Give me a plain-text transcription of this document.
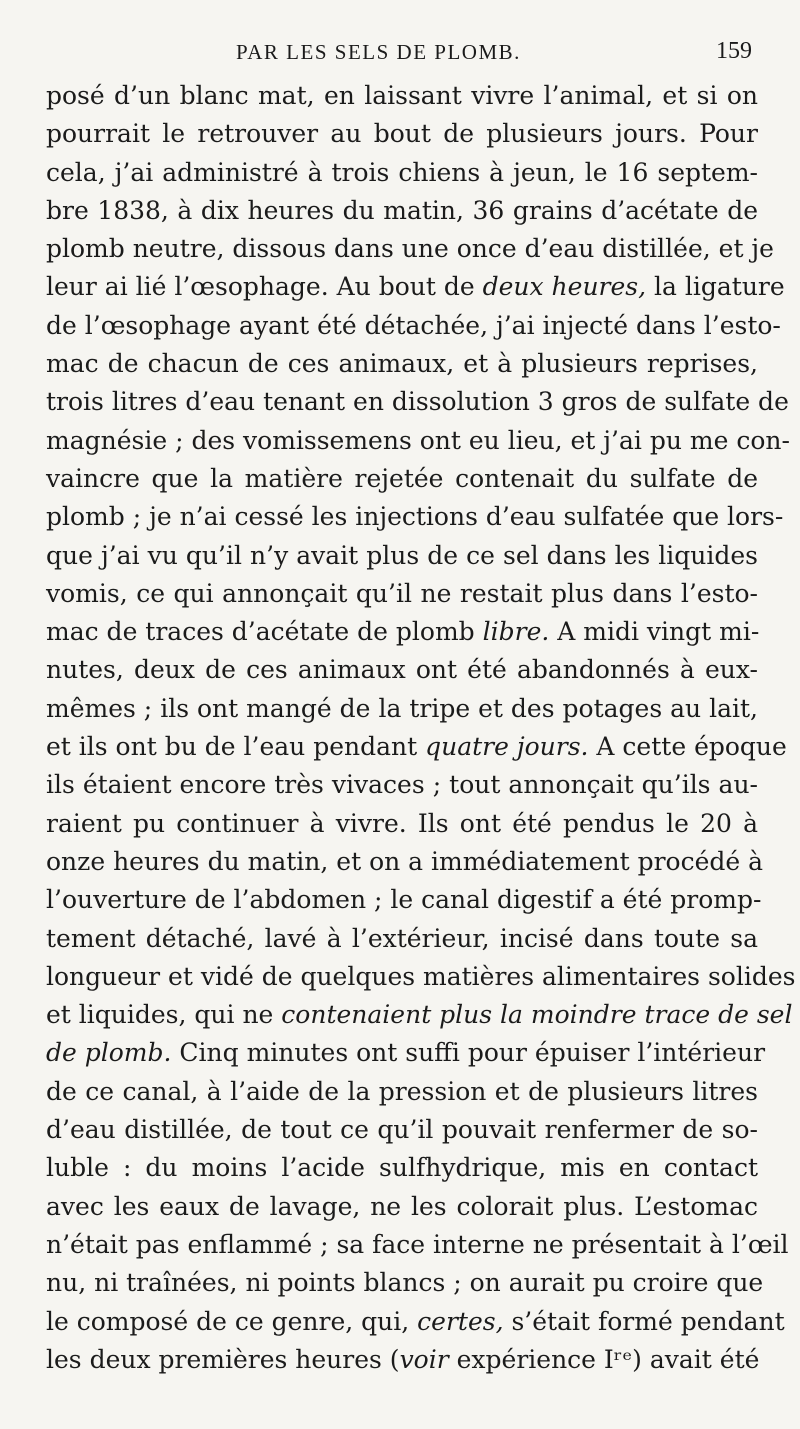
PAR LES SELS DE PLOMB.	159
posé d’un blanc mat, en laissant vivre l’animal, et si on
pourrait le retrouver au bout de plusieurs jours. Pour
cela, j’ai administré à trois chiens à jeun, le 16 septem-
bre 1838, à dix heures du matin, 36 grains d’acétate de
plomb neutre, dissous dans une once d’eau distillée, et je
leur ai lié l’œsophage. Au bout de deux heures, la ligature
de l’œsophage ayant été détachée, j’ai injecté dans l’esto-
mac de chacun de ces animaux, et à plusieurs reprises,
trois litres d’eau tenant en dissolution 3 gros de sulfate de
magnésie ; des vomissemens ont eu lieu, et j’ai pu me con-
vaincre que la matière rejetée contenait du sulfate de
plomb ; je n’ai cessé les injections d’eau sulfatée que lors-
que j’ai vu qu’il n’y avait plus de ce sel dans les liquides
vomis, ce qui annonçait qu’il ne restait plus dans l’esto-
mac de traces d’acétate de plomb libre. A midi vingt mi-
nutes, deux de ces animaux ont été abandonnés à eux-
mêmes ; ils ont mangé de la tripe et des potages au lait,
et ils ont bu de l’eau pendant quatre jours. A cette époque
ils étaient encore très vivaces ; tout annonçait qu’ils au-
raient pu continuer à vivre. Ils ont été pendus le 20 à
onze heures du matin, et on a immédiatement procédé à
l’ouverture de l’abdomen ; le canal digestif a été promp-
tement détaché, lavé à l’extérieur, incisé dans toute sa
longueur et vidé de quelques matières alimentaires solides
et liquides, qui ne contenaient plus la moindre trace de sel
de plomb. Cinq minutes ont suffi pour épuiser l’intérieur
de ce canal, à l’aide de la pression et de plusieurs litres
d’eau distillée, de tout ce qu’il pouvait renfermer de so-
luble : du moins l’acide sulfhydrique, mis en contact
avec les eaux de lavage, ne les colorait plus. L’estomac
n’était pas enflammé ; sa face interne ne présentait à l’œil
nu, ni traînées, ni points blancs ; on aurait pu croire que
le composé de ce genre, qui, certes, s’était formé pendant
les deux premières heures (voir expérience Iʳᵉ) avait été
